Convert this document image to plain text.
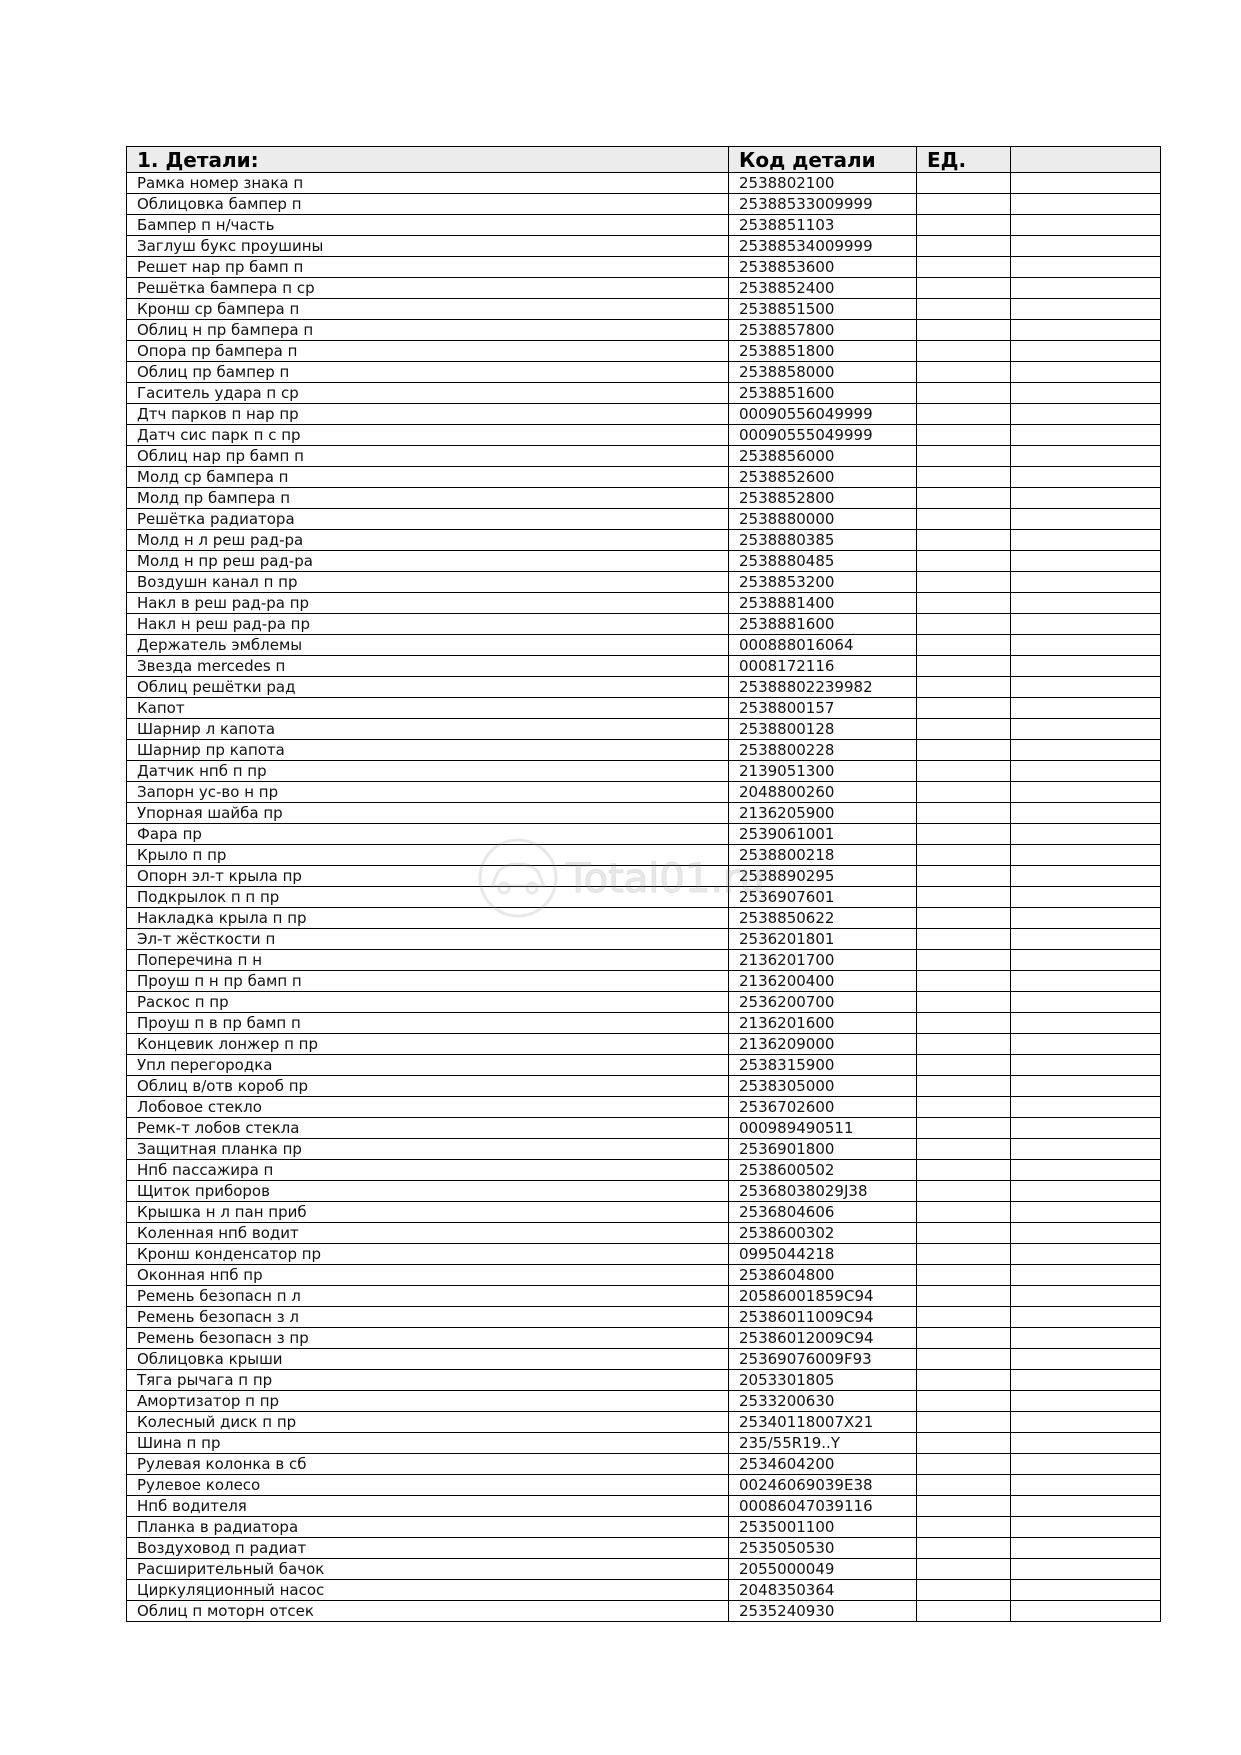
1. Детали:	Код детали	ЕД.	
Рамка номер знака п	2538802100		
Облицовка бампер п	25388533009999		
Бампер п н/часть	2538851103		
Заглуш букс проушины	25388534009999		
Решет нар пр бамп п	2538853600		
Решётка бампера п ср	2538852400		
Кронш ср бампера п	2538851500		
Облиц н пр бампера п	2538857800		
Опора пр бампера п	2538851800		
Облиц пр бампер п	2538858000		
Гаситель удара п ср	2538851600		
Дтч парков п нар пр	00090556049999		
Датч сис парк п с пр	00090555049999		
Облиц нар пр бамп п	2538856000		
Молд ср бампера п	2538852600		
Молд пр бампера п	2538852800		
Решётка радиатора	2538880000		
Молд н л реш рад-ра	2538880385		
Молд н пр реш рад-ра	2538880485		
Воздушн канал п пр	2538853200		
Накл в реш рад-ра пр	2538881400		
Накл н реш рад-ра пр	2538881600		
Держатель эмблемы	000888016064		
Звезда mercedes п	0008172116		
Облиц решётки рад	25388802239982		
Капот	2538800157		
Шарнир л капота	2538800128		
Шарнир пр капота	2538800228		
Датчик нпб п пр	2139051300		
Запорн ус-во н пр	2048800260		
Упорная шайба пр	2136205900		
Фара пр	2539061001		
Крыло п пр	2538800218		
Опорн эл-т крыла пр	2538890295		
Подкрылок п п пр	2536907601		
Накладка крыла п пр	2538850622		
Эл-т жёсткости п	2536201801		
Поперечина п н	2136201700		
Проуш п н пр бамп п	2136200400		
Раскос п пр	2536200700		
Проуш п в пр бамп п	2136201600		
Концевик лонжер п пр	2136209000		
Упл перегородка	2538315900		
Облиц в/отв короб пр	2538305000		
Лобовое стекло	2536702600		
Ремк-т лобов стекла	000989490511		
Защитная планка пр	2536901800		
Нпб пассажира п	2538600502		
Щиток приборов	25368038029J38		
Крышка н л пан приб	2536804606		
Коленная нпб водит	2538600302		
Кронш конденсатор пр	0995044218		
Оконная нпб пр	2538604800		
Ремень безопасн п л	20586001859C94		
Ремень безопасн з л	25386011009C94		
Ремень безопасн з пр	25386012009C94		
Облицовка крыши	25369076009F93		
Тяга рычага п пр	2053301805		
Амортизатор п пр	2533200630		
Колесный диск п пр	25340118007X21		
Шина п пр	235/55R19..Y		
Рулевая колонка в сб	2534604200		
Рулевое колесо	00246069039E38		
Нпб водителя	00086047039116		
Планка в радиатора	2535001100		
Воздуховод п радиат	2535050530		
Расширительный бачок	2055000049		
Циркуляционный насос	2048350364		
Облиц п моторн отсек	2535240930		
Total01.ru
